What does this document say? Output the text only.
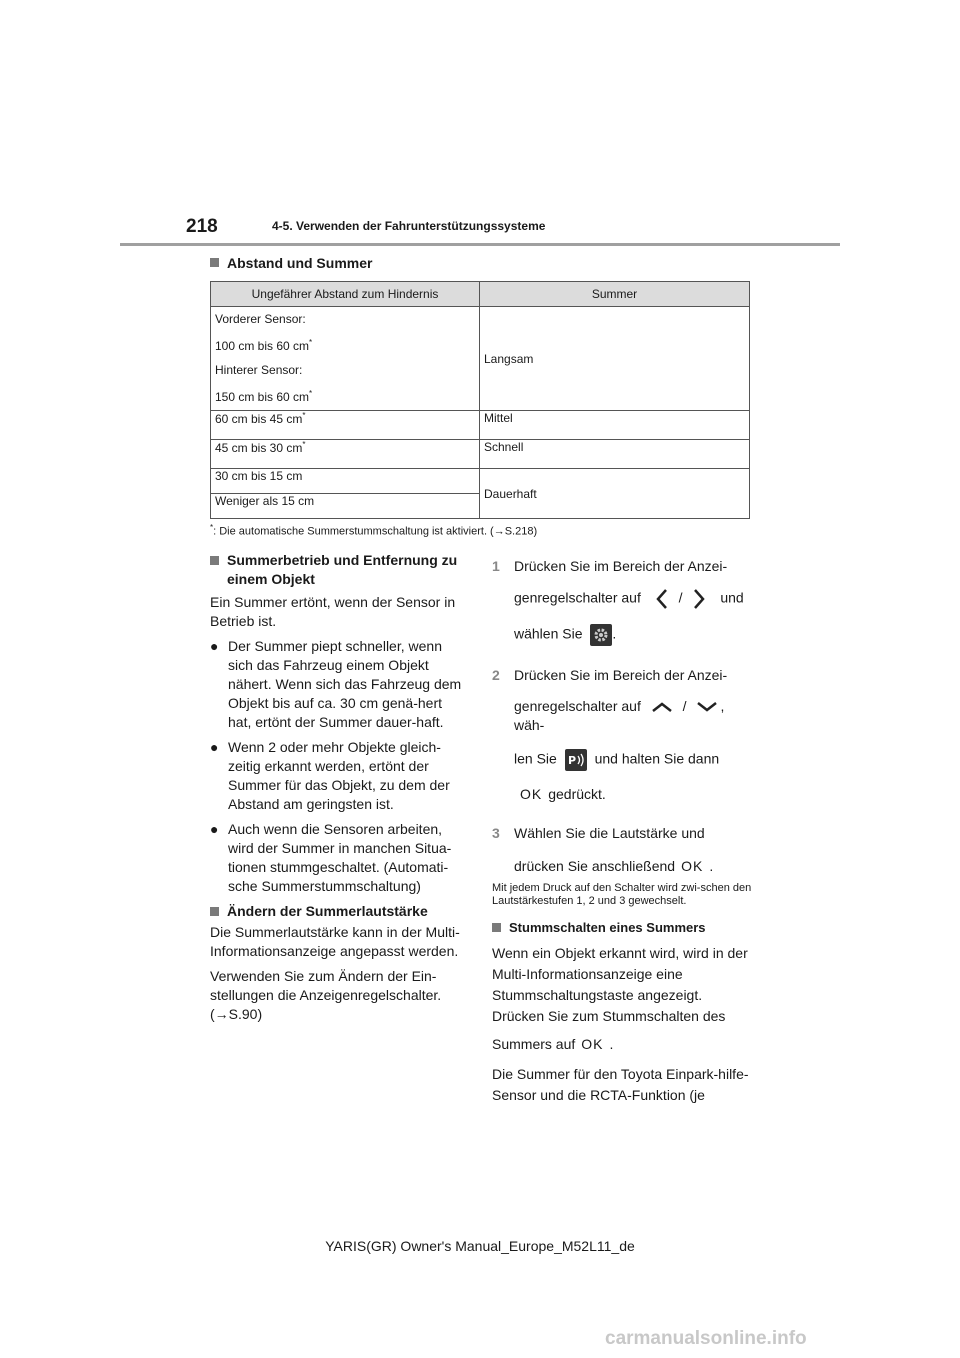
218	4-5. Verwenden der Fahrunterstützungssysteme
Abstand und Summer
Ungefährer Abstand zum Hindernis	Summer

Vorderer Sensor:
100 cm bis 60 cm*
Hinterer Sensor:
150 cm bis 60 cm*	Langsam
60 cm bis 45 cm*	Mittel
45 cm bis 30 cm*	Schnell
30 cm bis 15 cm	Dauerhaft
Weniger als 15 cm	
*: Die automatische Summerstummschaltung ist aktiviert. (→S.218)
Summerbetrieb und Entfernung zu einem Objekt

Ein Summer ertönt, wenn der Sensor in Betrieb ist.

● Der Summer piept schneller, wenn sich das Fahrzeug einem Objekt nähert. Wenn sich das Fahrzeug dem Objekt bis auf ca. 30 cm genä-hert hat, ertönt der Summer dauer-haft.
● Wenn 2 oder mehr Objekte gleich-zeitig erkannt werden, ertönt der Summer für das Objekt, zu dem der Abstand am geringsten ist.
● Auch wenn die Sensoren arbeiten, wird der Summer in manchen Situa-tionen stummgeschaltet. (Automati-sche Summerstummschaltung)
Ändern der Summerlautstärke

Die Summerlautstärke kann in der Multi-Informationsanzeige angepasst werden.

Verwenden Sie zum Ändern der Ein-stellungen die Anzeigenregelschalter. (→S.90)

1	Drücken Sie im Bereich der Anzei-
genregelschalter auf	/	und
wählen Sie .
2	Drücken Sie im Bereich der Anzei-
genregelschalter auf	/ , wäh-
len Sie P und halten Sie dann
OK gedrückt.
3	Wählen Sie die Lautstärke und
drücken Sie anschließend OK .
Mit jedem Druck auf den Schalter wird zwi-schen den Lautstärkestufen 1, 2 und 3 gewechselt.
Stummschalten eines Summers
Wenn ein Objekt erkannt wird, wird in der Multi-Informationsanzeige eine Stummschaltungstaste angezeigt. Drücken Sie zum Stummschalten des
Summers auf OK .
Die Summer für den Toyota Einpark-hilfe-Sensor und die RCTA-Funktion (je
YARIS(GR) Owner's Manual_Europe_M52L11_de
carmanualsonline.info
